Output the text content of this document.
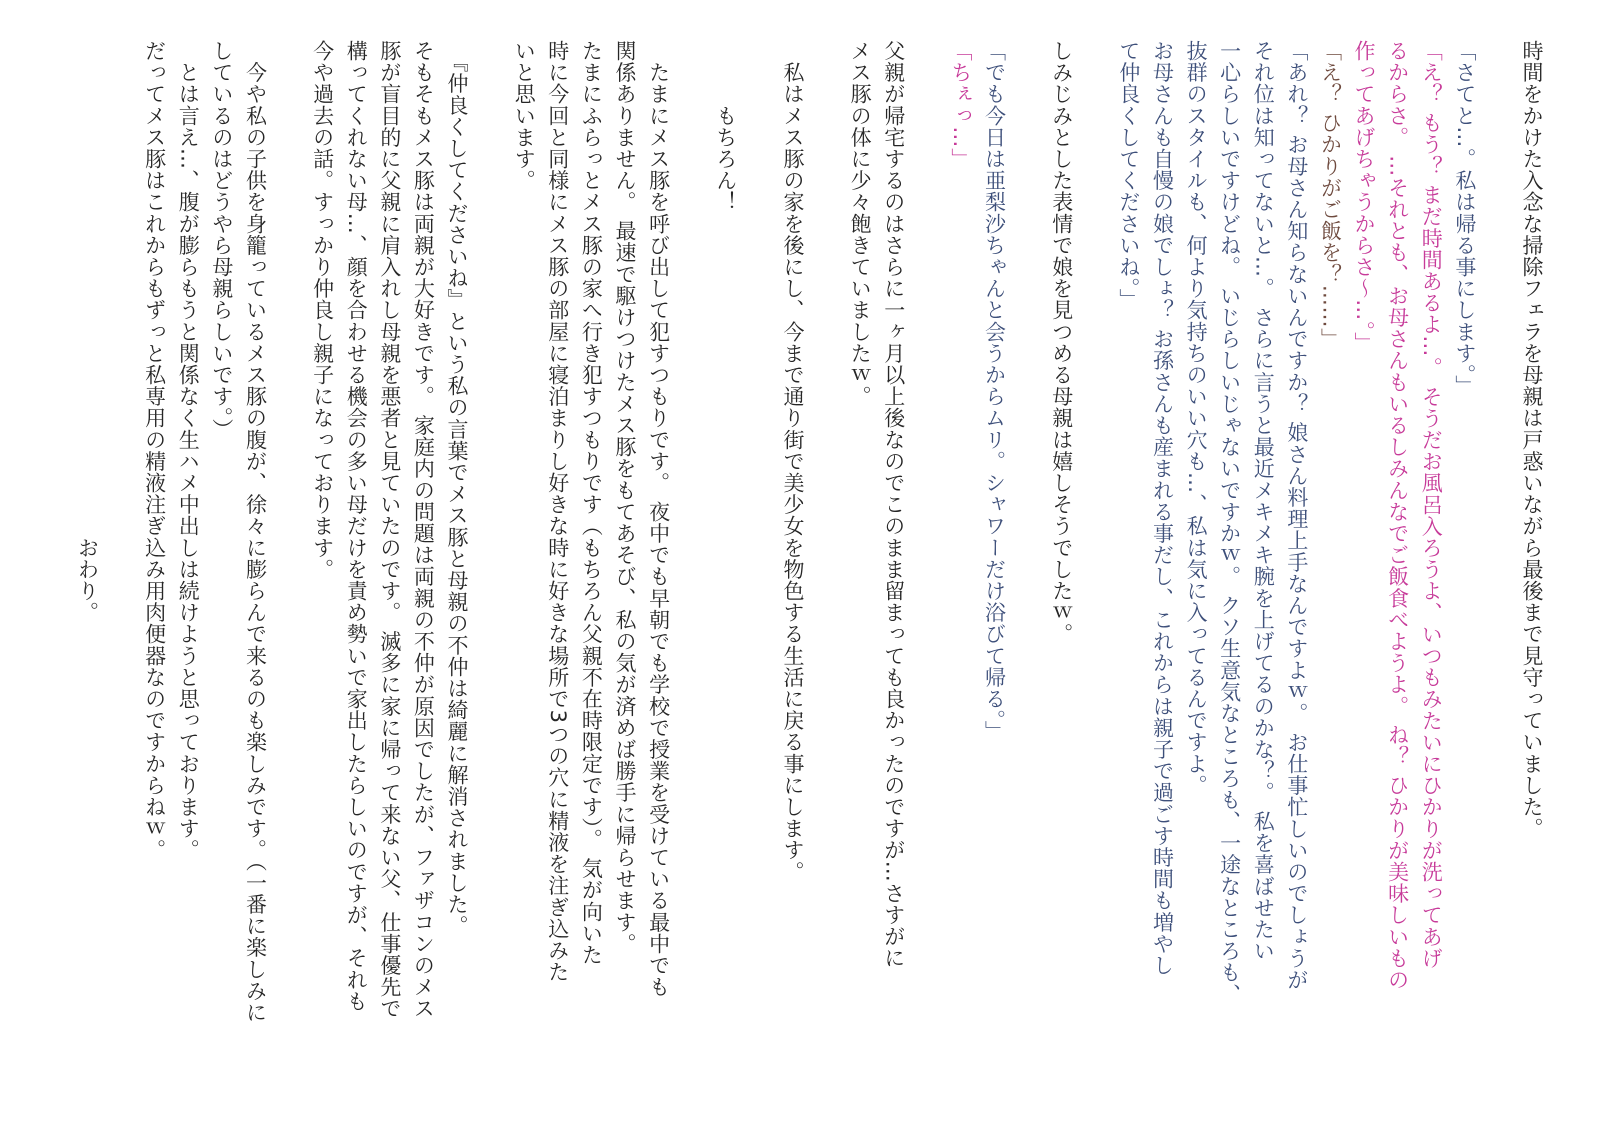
時間をかけた入念な掃除フェラを母親は戸惑いながら最後まで見守っていました。
「さてと…。私は帰る事にします。」
「え？ もう？ まだ時間あるよ…。 そうだお風呂入ろうよ、いつもみたいにひかりが洗ってあげ
るからさ。 …それとも、お母さんもいるしみんなでご飯食べようよ。 ね？ ひかりが美味しいもの
作ってあげちゃうからさ〜…。」
「え？ ひかりがご飯を？……」
「あれ？ お母さん知らないんですか？ 娘さん料理上手なんですよｗ。 お仕事忙しいのでしょうが
それ位は知ってないと…。 さらに言うと最近メキメキ腕を上げてるのかな？。 私を喜ばせたい
一心らしいですけどね。 いじらしいじゃないですかｗ。 クソ生意気なところも、一途なところも、
抜群のスタイルも、何より気持ちのいい穴も…、私は気に入ってるんですよ。
お母さんも自慢の娘でしょ？ お孫さんも産まれる事だし、これからは親子で過ごす時間も増やし
て仲良くしてくださいね。」
しみじみとした表情で娘を見つめる母親は嬉しそうでしたｗ。
「でも今日は亜梨沙ちゃんと会うからムリ。シャワーだけ浴びて帰る。」
「ちぇっ…」
父親が帰宅するのはさらに一ヶ月以上後なのでこのまま留まっても良かったのですが…さすがに
メス豚の体に少々飽きていましたｗ。
　私はメス豚の家を後にし、今まで通り街で美少女を物色する生活に戻る事にします。
　　　もちろん！
　たまにメス豚を呼び出して犯すつもりです。 夜中でも早朝でも学校で授業を受けている最中でも
関係ありません。 最速で駆けつけたメス豚をもてあそび、私の気が済めば勝手に帰らせます。
たまにふらっとメス豚の家へ行き犯すつもりです（もちろん父親不在時限定です）。 気が向いた
時に今回と同様にメス豚の部屋に寝泊まりし好きな時に好きな場所で3つの穴に精液を注ぎ込みた
いと思います。
　『仲良くしてくださいね』という私の言葉でメス豚と母親の不仲は綺麗に解消されました。
そもそもメス豚は両親が大好きです。 家庭内の問題は両親の不仲が原因でしたが、ファザコンのメス
豚が盲目的に父親に肩入れし母親を悪者と見ていたのです。 滅多に家に帰って来ない父、仕事優先で
構ってくれない母…、顔を合わせる機会の多い母だけを責め勢いで家出したらしいのですが、それも
今や過去の話。すっかり仲良し親子になっております。
　今や私の子供を身籠っているメス豚の腹が、徐々に膨らんで来るのも楽しみです。（一番に楽しみに
しているのはどうやら母親らしいです。）
　とは言え…、腹が膨らもうと関係なく生ハメ中出しは続けようと思っております。
だってメス豚はこれからもずっと私専用の精液注ぎ込み用肉便器なのですからねｗ。
　　　　　　　　　　　　　　　　　　　　　　　おわり。
